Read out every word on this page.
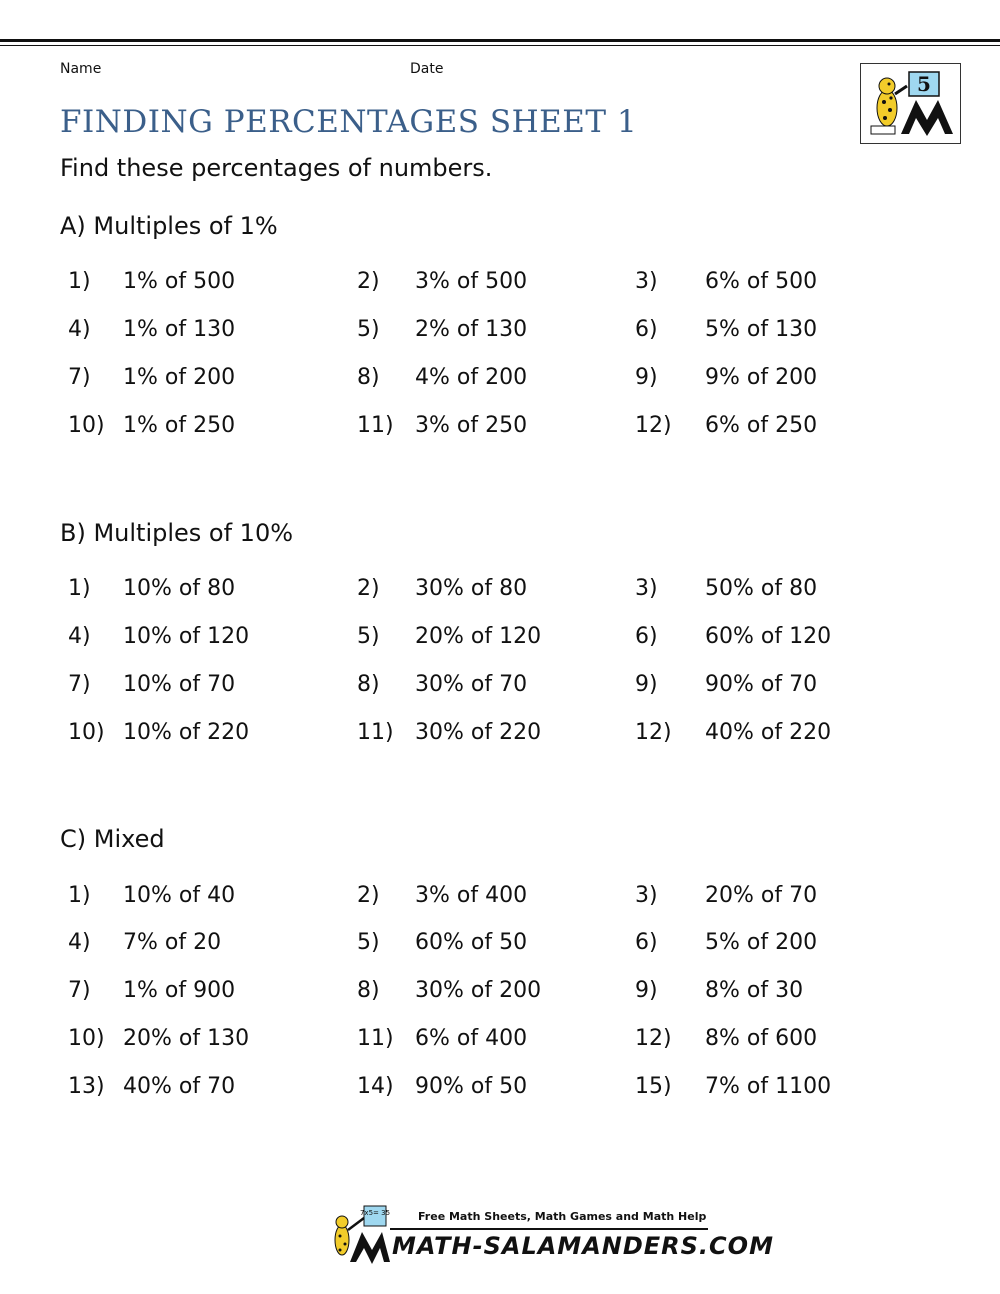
Name	Date
5
FINDING PERCENTAGES SHEET 1
Find these percentages of numbers.
A) Multiples of 1%
1) 1% of 500	2) 3% of 500	3) 6% of 500
4) 1% of 130	5) 2% of 130	6) 5% of 130
7) 1% of 200	8) 4% of 200	9) 9% of 200
10) 1% of 250	11) 3% of 250	12) 6% of 250
B) Multiples of 10%
1) 10% of 80	2) 30% of 80	3) 50% of 80
4) 10% of 120	5) 20% of 120	6) 60% of 120
7) 10% of 70	8) 30% of 70	9) 90% of 70
10) 10% of 220	11) 30% of 220	12) 40% of 220
C) Mixed
1) 10% of 40	2) 3% of 400	3) 20% of 70
4) 7% of 20	5) 60% of 50	6) 5% of 200
7) 1% of 900	8) 30% of 200	9) 8% of 30
10) 20% of 130	11) 6% of 400	12) 8% of 600
13) 40% of 70	14) 90% of 50	15) 7% of 1100
7x5= 35	Free Math Sheets, Math Games and Math Help
MATH-SALAMANDERS.COM
